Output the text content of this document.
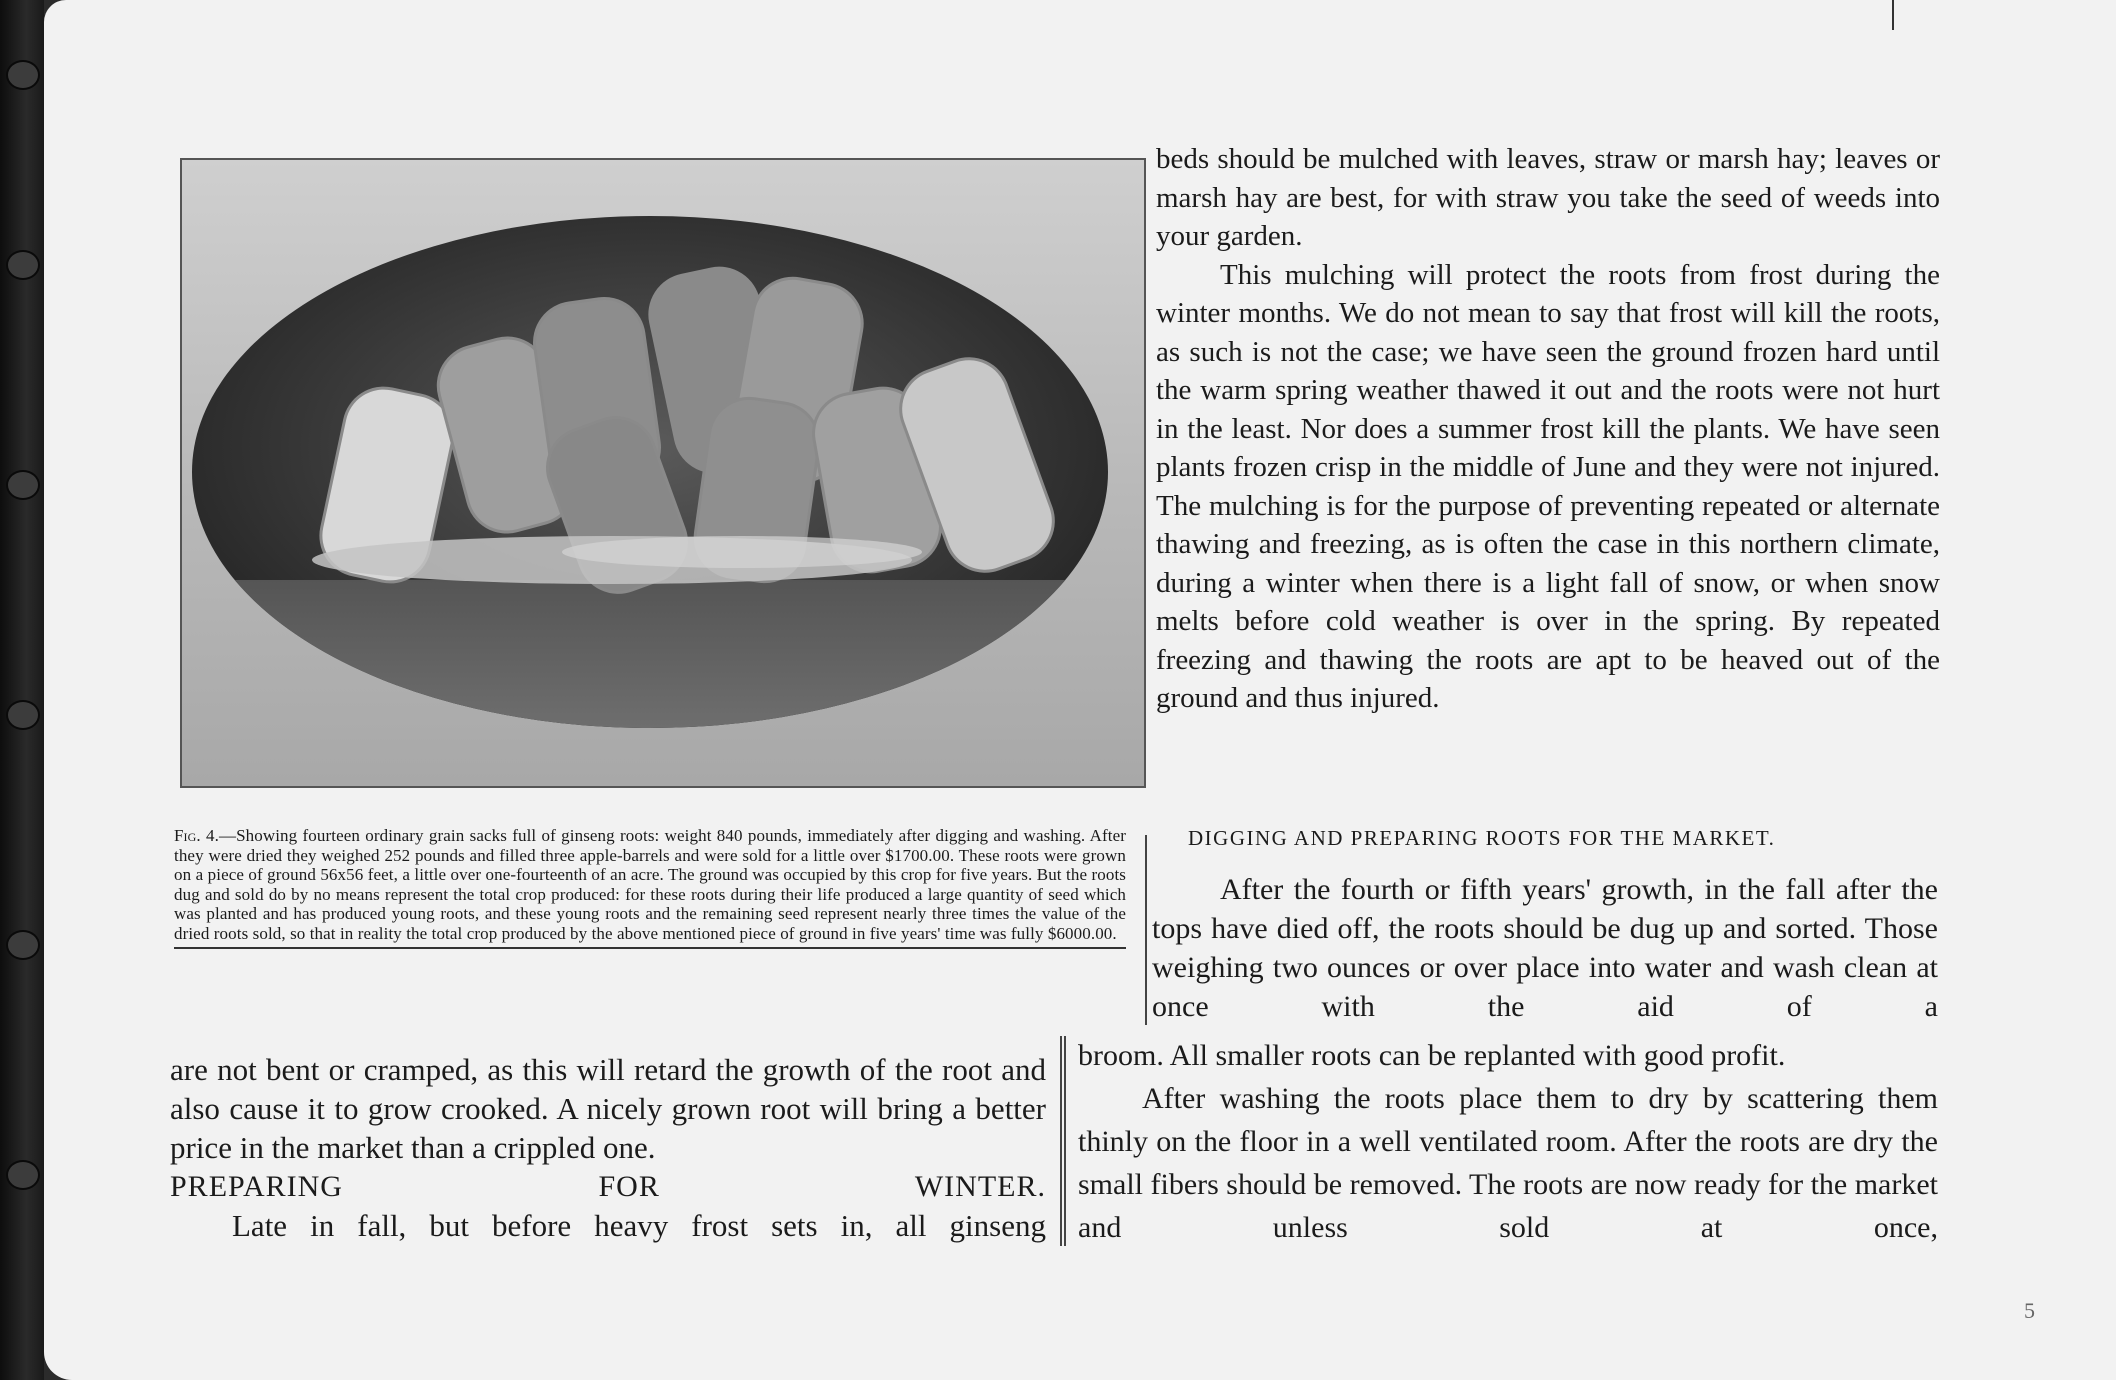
Fig. 4.—Showing fourteen ordinary grain sacks full of ginseng roots: weight 840 pounds, immediately after digging and washing. After they were dried they weighed 252 pounds and filled three apple-barrels and were sold for a little over $1700.00. These roots were grown on a piece of ground 56x56 feet, a little over one-fourteenth of an acre. The ground was occupied by this crop for five years. But the roots dug and sold do by no means represent the total crop produced: for these roots during their life produced a large quantity of seed which was planted and has produced young roots, and these young roots and the remaining seed represent nearly three times the value of the dried roots sold, so that in reality the total crop produced by the above mentioned piece of ground in five years' time was fully $6000.00.

beds should be mulched with leaves, straw or marsh hay; leaves or marsh hay are best, for with straw you take the seed of weeds into your garden.

This mulching will protect the roots from frost during the winter months. We do not mean to say that frost will kill the roots, as such is not the case; we have seen the ground frozen hard until the warm spring weather thawed it out and the roots were not hurt in the least. Nor does a summer frost kill the plants. We have seen plants frozen crisp in the middle of June and they were not injured. The mulching is for the purpose of preventing repeated or alternate thawing and freezing, as is often the case in this northern climate, during a winter when there is a light fall of snow, or when snow melts before cold weather is over in the spring. By repeated freezing and thawing the roots are apt to be heaved out of the ground and thus injured.

DIGGING AND PREPARING ROOTS FOR THE MARKET.

After the fourth or fifth years' growth, in the fall after the tops have died off, the roots should be dug up and sorted. Those weighing two ounces or over place into water and wash clean at once with the aid of a

are not bent or cramped, as this will retard the growth of the root and also cause it to grow crooked. A nicely grown root will bring a better price in the market than a crippled one.

PREPARING FOR WINTER.

Late in fall, but before heavy frost sets in, all ginseng

broom. All smaller roots can be replanted with good profit.

After washing the roots place them to dry by scattering them thinly on the floor in a well ventilated room. After the roots are dry the small fibers should be removed. The roots are now ready for the market and unless sold at once,

5
